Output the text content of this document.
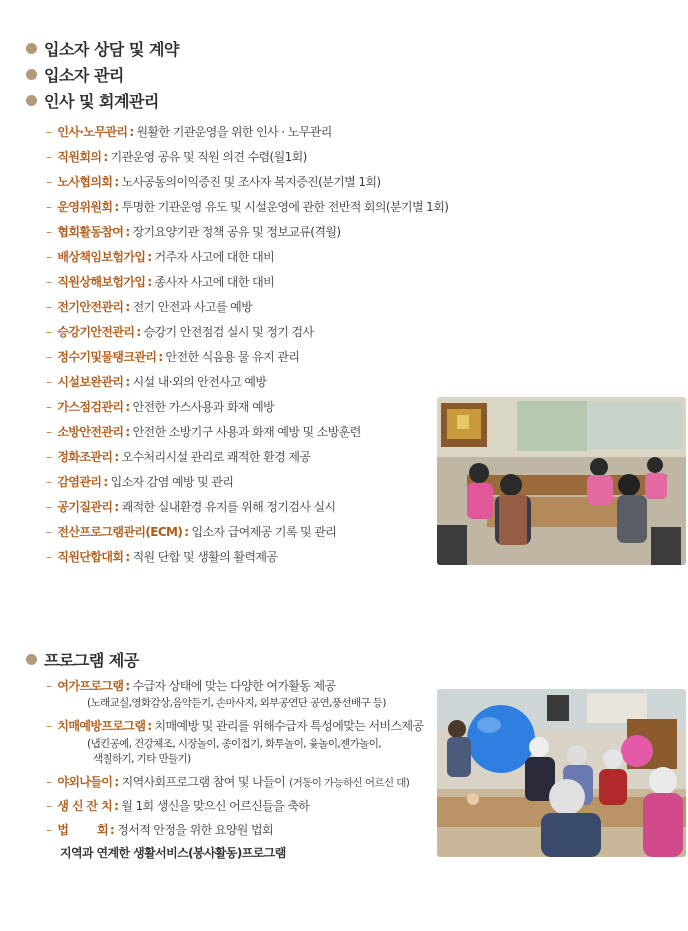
입소자 상담 및 계약
입소자 관리
인사 및 회계관리
– 인사·노무관리 : 원활한 기관운영을 위한 인사 · 노무관리
– 직원회의 : 기관운영 공유 및 직원 의견 수렴(월1회)
– 노사협의회 : 노사공동의이익증진 및 조사자 복지증진(분기별 1회)
– 운영위원회 : 투명한 기관운영 유도 및 시설운영에 관한 전반적 회의(분기별 1회)
– 협회활동참여 : 장기요양기관 정책 공유 및 정보교류(격월)
– 배상책임보험가입 : 거주자 사고에 대한 대비
– 직원상해보험가입 : 종사자 사고에 대한 대비
– 전기안전관리 : 전기 안전과 사고를 예방
– 승강기안전관리 : 승강기 안전점검 실시 및 정기 검사
– 정수기및물탱크관리 : 안전한 식음용 물 유지 관리
– 시설보완관리 : 시설 내·외의 안전사고 예방
– 가스점검관리 : 안전한 가스사용과 화재 예방
– 소방안전관리 : 안전한 소방기구 사용과 화재 예방 및 소방훈련
– 정화조관리 : 오수처리시설 관리로 쾌적한 환경 제공
– 감염관리 : 입소자 감염 예방 및 관리
– 공기질관리 : 쾌적한 실내환경 유지를 위해 정기검사 실시
– 전산프로그램관리(ECM) : 입소자 급여제공 기록 및 관리
– 직원단합대회 : 직원 단합 및 생활의 활력제공
프로그램 제공
– 여가프로그램 : 수급자 상태에 맞는 다양한 여가활동 제공
(노래교실,영화감상,음악듣기, 손마사지, 외부공연단 공연,풍선배구 등)
– 치매예방프로그램 : 치매예방 및 관리를 위해수급자 특성에맞는 서비스제공
(냅킨공예, 건강체조, 시장놀이, 종이접기, 화투놀이, 윷놀이,젠가놀이,
색칠하기, 기타 만들기)
– 야외나들이 : 지역사회프로그램 참여 및 나들이 (거동이 가능하신 어르신 대)
– 생 신 잔 치 : 월 1회 생신을 맞으신 어르신들을 축하
– 법        회 : 정서적 안정을 위한 요양원 법회
지역과 연계한 생활서비스(봉사활동)프로그램
